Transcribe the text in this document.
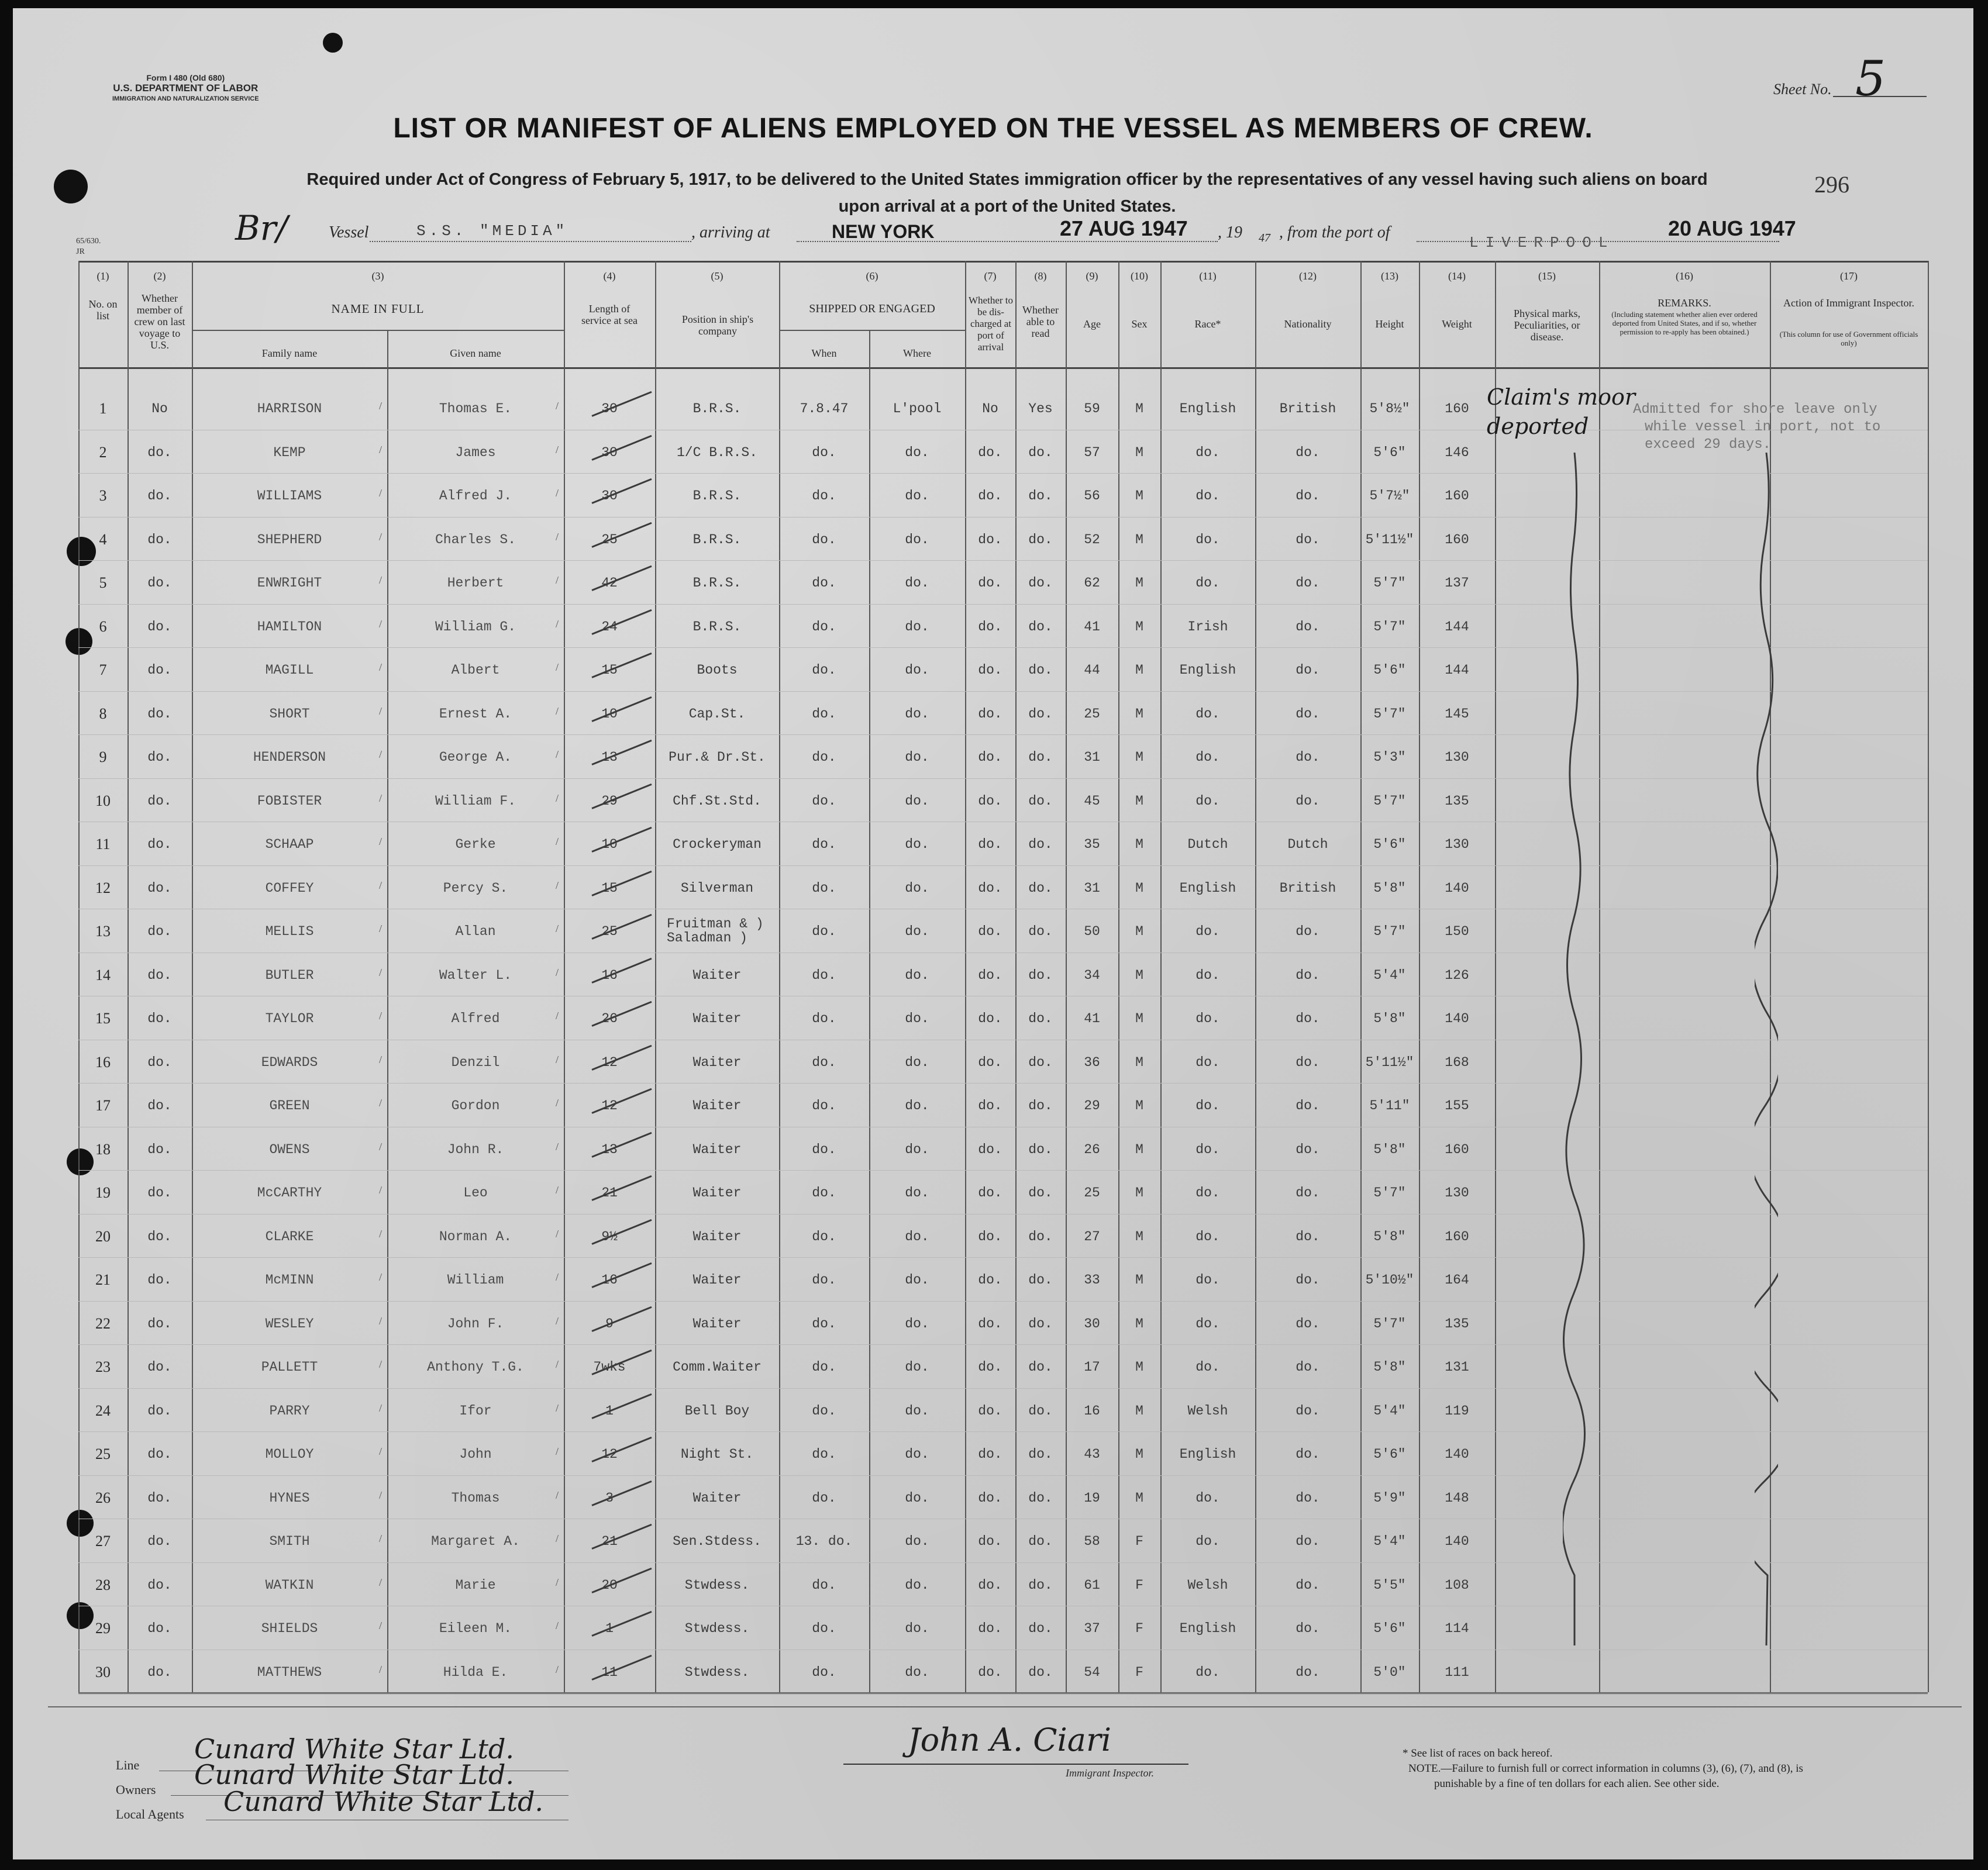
Form I 480 (Old 680)
U.S. DEPARTMENT OF LABOR
IMMIGRATION AND NATURALIZATION SERVICE
Sheet No. 5
LIST OR MANIFEST OF ALIENS EMPLOYED ON THE VESSEL AS MEMBERS OF CREW.
Required under Act of Congress of February 5, 1917, to be delivered to the United States immigration officer by the representatives of any vessel having such aliens on board
upon arrival at a port of the United States.
296
Br/	Vessel	S.S. "MEDIA"	, arriving at	NEW YORK	27 AUG 1947 , 19 47 , from the port of
LIVERPOOL
20 AUG 1947
65/630.
JR
(1)	(2)	(3)	(4)	(5)	(6)	(7)	(8)	(9)	(10)	(11)	(12)	(13)	(14)	(15)	(16)	(17)
No. on list
Whether member of crew on last voyage to U.S.
NAME IN FULL
Family name	Given name
Length of service at sea	Position in ship's company
SHIPPED OR ENGAGED
When	Where
Whether to be dis-charged at port of arrival
Whether able to read
Age	Sex	Race*	Nationality	Height	Weight
Physical marks, Peculiarities, or disease.
REMARKS.
(Including statement whether alien ever ordered deported from United States, and if so, whether permission to re-apply has been obtained.)
Action of Immigrant Inspector.
(This column for use of Government officials only)
1	No	HARRISON	Thomas E.	30	B.R.S.	7.8.47	L'pool	No	Yes	59	M	English	British	5'8½"	160
/	/
2	do.	KEMP	James	30	1/C B.R.S.	do.	do.	do.	do.	57	M	do.	do.	5'6"	146
/	/
3	do.	WILLIAMS	Alfred J.	30	B.R.S.	do.	do.	do.	do.	56	M	do.	do.	5'7½"	160
/	/
4	do.	SHEPHERD	Charles S.	25	B.R.S.	do.	do.	do.	do.	52	M	do.	do.	5'11½"	160
/	/
5	do.	ENWRIGHT	Herbert	42	B.R.S.	do.	do.	do.	do.	62	M	do.	do.	5'7"	137
/	/
6	do.	HAMILTON	William G.	24	B.R.S.	do.	do.	do.	do.	41	M	Irish	do.	5'7"	144
/	/
7	do.	MAGILL	Albert	15	Boots	do.	do.	do.	do.	44	M	English	do.	5'6"	144
/	/
8	do.	SHORT	Ernest A.	10	Cap.St.	do.	do.	do.	do.	25	M	do.	do.	5'7"	145
/	/
9	do.	HENDERSON	George A.	13	Pur.& Dr.St.	do.	do.	do.	do.	31	M	do.	do.	5'3"	130
/	/
10	do.	FOBISTER	William F.	29	Chf.St.Std.	do.	do.	do.	do.	45	M	do.	do.	5'7"	135
/	/
11	do.	SCHAAP	Gerke	10	Crockeryman	do.	do.	do.	do.	35	M	Dutch	Dutch	5'6"	130
/	/
12	do.	COFFEY	Percy S.	15	Silverman	do.	do.	do.	do.	31	M	English	British	5'8"	140
/	/
13	do.	MELLIS	Allan	25	Fruitman & )
Saladman )	do.	do.	do.	do.	50	M	do.	do.	5'7"	150
/	/
14	do.	BUTLER	Walter L.	16	Waiter	do.	do.	do.	do.	34	M	do.	do.	5'4"	126
/	/
15	do.	TAYLOR	Alfred	26	Waiter	do.	do.	do.	do.	41	M	do.	do.	5'8"	140
/	/
16	do.	EDWARDS	Denzil	12	Waiter	do.	do.	do.	do.	36	M	do.	do.	5'11½"	168
/	/
17	do.	GREEN	Gordon	12	Waiter	do.	do.	do.	do.	29	M	do.	do.	5'11"	155
/	/
18	do.	OWENS	John R.	13	Waiter	do.	do.	do.	do.	26	M	do.	do.	5'8"	160
/	/
19	do.	McCARTHY	Leo	21	Waiter	do.	do.	do.	do.	25	M	do.	do.	5'7"	130
/	/
20	do.	CLARKE	Norman A.	9½	Waiter	do.	do.	do.	do.	27	M	do.	do.	5'8"	160
/	/
21	do.	McMINN	William	16	Waiter	do.	do.	do.	do.	33	M	do.	do.	5'10½"	164
/	/
22	do.	WESLEY	John F.	9	Waiter	do.	do.	do.	do.	30	M	do.	do.	5'7"	135
/	/
23	do.	PALLETT	Anthony T.G.	7wks	Comm.Waiter	do.	do.	do.	do.	17	M	do.	do.	5'8"	131
/	/
24	do.	PARRY	Ifor	1	Bell Boy	do.	do.	do.	do.	16	M	Welsh	do.	5'4"	119
/	/
25	do.	MOLLOY	John	12	Night St.	do.	do.	do.	do.	43	M	English	do.	5'6"	140
/	/
26	do.	HYNES	Thomas	3	Waiter	do.	do.	do.	do.	19	M	do.	do.	5'9"	148
/	/
27	do.	SMITH	Margaret A.	21	Sen.Stdess.	13. do.	do.	do.	do.	58	F	do.	do.	5'4"	140
/	/
28	do.	WATKIN	Marie	20	Stwdess.	do.	do.	do.	do.	61	F	Welsh	do.	5'5"	108
/	/
29	do.	SHIELDS	Eileen M.	1	Stwdess.	do.	do.	do.	do.	37	F	English	do.	5'6"	114
/	/
30	do.	MATTHEWS	Hilda E.	11	Stwdess.	do.	do.	do.	do.	54	F	do.	do.	5'0"	111
/	/
Claim's moor deported
Admitted for shore leave only
while vessel in port, not to
exceed 29 days.
Line
Owners
Local Agents
Cunard White Star Ltd.
Cunard White Star Ltd.
Cunard White Star Ltd.
John A. Ciari
Immigrant Inspector.
* See list of races on back hereof.
NOTE.—Failure to furnish full or correct information in columns (3), (6), (7), and (8), is
punishable by a fine of ten dollars for each alien. See other side.
